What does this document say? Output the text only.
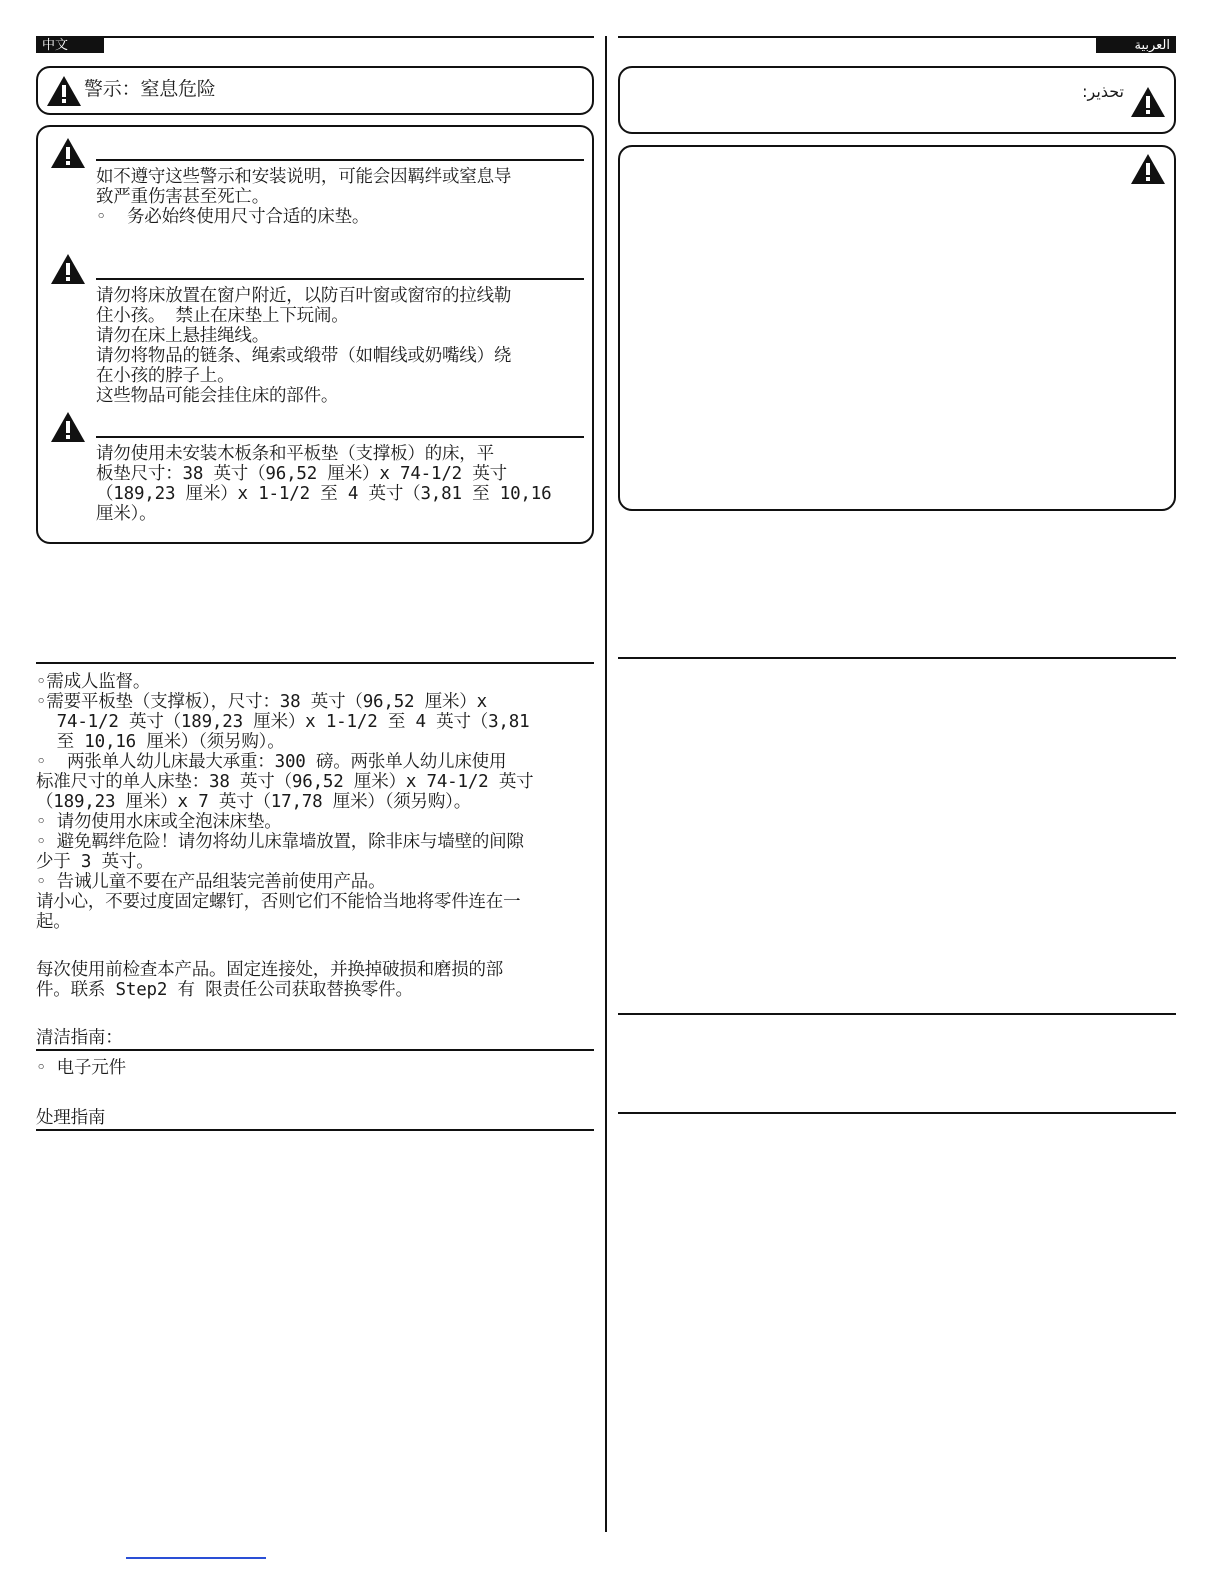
中文
警示：窒息危险
如不遵守这些警示和安装说明，可能会因羁绊或窒息导
致严重伤害甚至死亡。
◦  务必始终使用尺寸合适的床垫。
请勿将床放置在窗户附近，以防百叶窗或窗帘的拉线勒
住小孩。 禁止在床垫上下玩闹。
请勿在床上悬挂绳线。
请勿将物品的链条、绳索或缎带（如帽线或奶嘴线）绕
在小孩的脖子上。
这些物品可能会挂住床的部件。
请勿使用未安装木板条和平板垫（支撑板）的床，平
板垫尺寸：38 英寸（96,52 厘米）x 74-1/2 英寸
（189,23 厘米）x 1-1/2 至 4 英寸（3,81 至 10,16
厘米）。
◦需成人监督。
◦需要平板垫（支撑板），尺寸：38 英寸（96,52 厘米）x
74-1/2 英寸（189,23 厘米）x 1-1/2 至 4 英寸（3,81
至 10,16 厘米）（须另购）。
◦  两张单人幼儿床最大承重：300 磅。两张单人幼儿床使用
标准尺寸的单人床垫：38 英寸（96,52 厘米）x 74-1/2 英寸
（189,23 厘米）x 7 英寸（17,78 厘米）（须另购）。
◦ 请勿使用水床或全泡沫床垫。
◦ 避免羁绊危险！请勿将幼儿床靠墙放置，除非床与墙壁的间隙
少于 3 英寸。
◦ 告诫儿童不要在产品组装完善前使用产品。
请小心，不要过度固定螺钉，否则它们不能恰当地将零件连在一
起。
每次使用前检查本产品。固定连接处，并换掉破损和磨损的部
件。联系 Step2 有 限责任公司获取替换零件。
清洁指南：
◦ 电子元件
处理指南
العربية
تحذير:
